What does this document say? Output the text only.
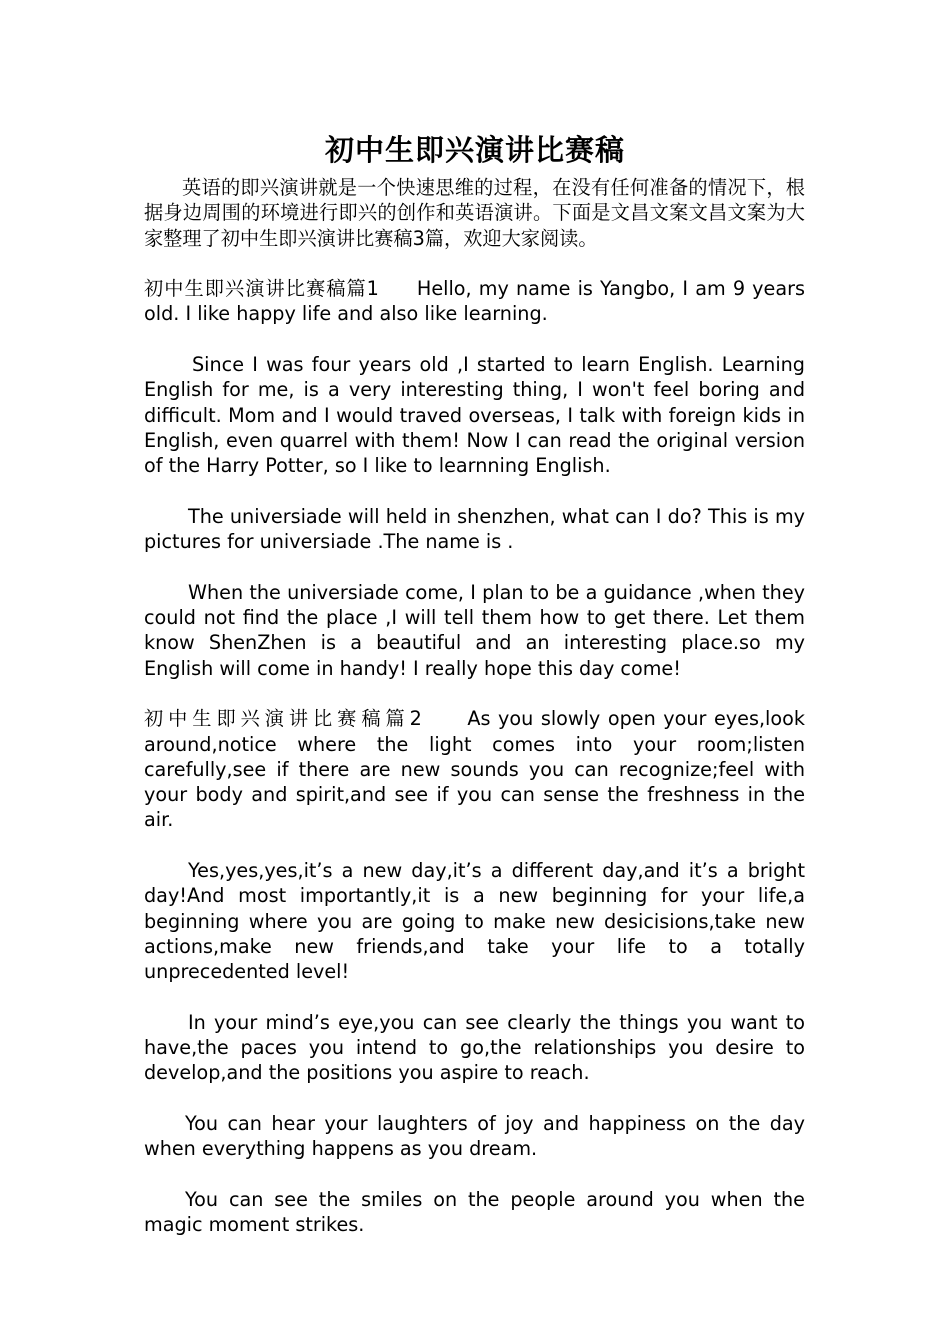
初中生即兴演讲比赛稿

英语的即兴演讲就是一个快速思维的过程，在没有任何准备的情况下，根据身边周围的环境进行即兴的创作和英语演讲。下面是文昌文案文昌文案为大家整理了初中生即兴演讲比赛稿3篇，欢迎大家阅读。

初中生即兴演讲比赛稿篇1 Hello, my name is Yangbo, I am 9 years old. I like happy life and also like learning.

Since I was four years old ,I started to learn English. Learning English for me, is a very interesting thing, I won't feel boring and difficult. Mom and I would traved overseas, I talk with foreign kids in English, even quarrel with them! Now I can read the original version of the Harry Potter, so I like to learnning English.

The universiade will held in shenzhen, what can I do? This is my pictures for universiade .The name is .

When the universiade come, I plan to be a guidance ,when they could not find the place ,I will tell them how to get there. Let them know ShenZhen is a beautiful and an interesting place.so my English will come in handy! I really hope this day come!

初中生即兴演讲比赛稿篇2 As you slowly open your eyes,look around,notice where the light comes into your room;listen carefully,see if there are new sounds you can recognize;feel with your body and spirit,and see if you can sense the freshness in the air.

Yes,yes,yes,it’s a new day,it’s a different day,and it’s a bright day!And most importantly,it is a new beginning for your life,a beginning where you are going to make new desicisions,take new actions,make new friends,and take your life to a totally unprecedented level!

In your mind’s eye,you can see clearly the things you want to have,the paces you intend to go,the relationships you desire to develop,and the positions you aspire to reach.

You can hear your laughters of joy and happiness on the day when everything happens as you dream.

You can see the smiles on the people around you when the magic moment strikes.
